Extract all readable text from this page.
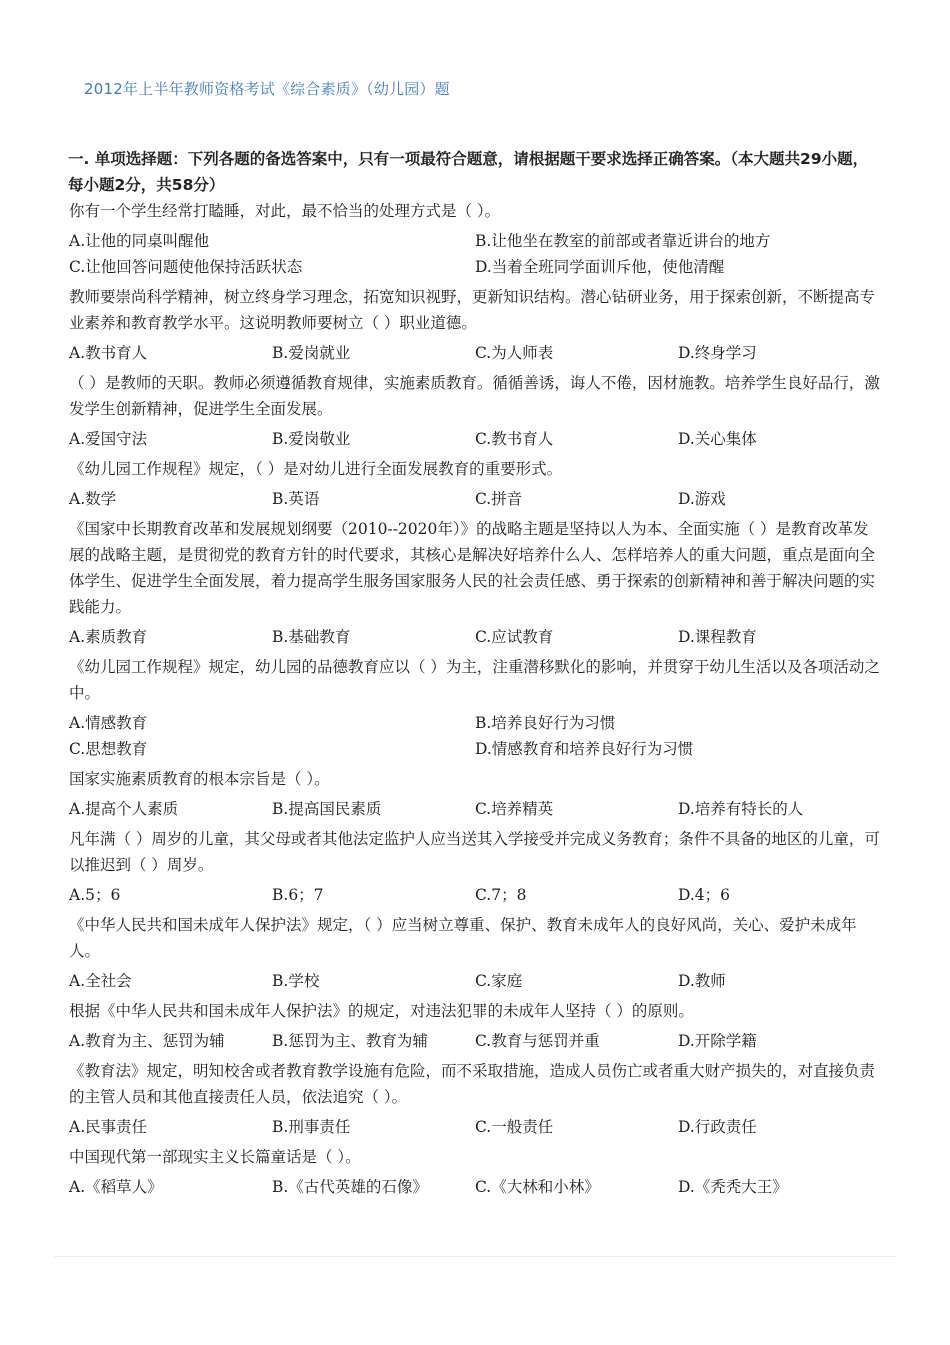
2012年上半年教师资格考试《综合素质》（幼儿园）题
一. 单项选择题：下列各题的备选答案中，只有一项最符合题意，请根据题干要求选择正确答案。（本大题共29小题，每小题2分，共58分）
你有一个学生经常打瞌睡，对此，最不恰当的处理方式是（ ）。
A.让他的同桌叫醒他	B.让他坐在教室的前部或者靠近讲台的地方
C.让他回答问题使他保持活跃状态	D.当着全班同学面训斥他，使他清醒
教师要崇尚科学精神，树立终身学习理念，拓宽知识视野，更新知识结构。潜心钻研业务，用于探索创新，不断提高专业素养和教育教学水平。这说明教师要树立（ ）职业道德。
A.教书育人	B.爱岗就业	C.为人师表	D.终身学习
（ ）是教师的天职。教师必须遵循教育规律，实施素质教育。循循善诱，诲人不倦，因材施教。培养学生良好品行，激发学生创新精神，促进学生全面发展。
A.爱国守法	B.爱岗敬业	C.教书育人	D.关心集体
《幼儿园工作规程》规定，（ ）是对幼儿进行全面发展教育的重要形式。
A.数学	B.英语	C.拼音	D.游戏
《国家中长期教育改革和发展规划纲要（2010--2020年）》的战略主题是坚持以人为本、全面实施（ ）是教育改革发展的战略主题，是贯彻党的教育方针的时代要求，其核心是解决好培养什么人、怎样培养人的重大问题，重点是面向全体学生、促进学生全面发展，着力提高学生服务国家服务人民的社会责任感、勇于探索的创新精神和善于解决问题的实践能力。
A.素质教育	B.基础教育	C.应试教育	D.课程教育
《幼儿园工作规程》规定，幼儿园的品德教育应以（ ）为主，注重潜移默化的影响，并贯穿于幼儿生活以及各项活动之中。
A.情感教育	B.培养良好行为习惯
C.思想教育	D.情感教育和培养良好行为习惯
国家实施素质教育的根本宗旨是（ ）。
A.提高个人素质	B.提高国民素质	C.培养精英	D.培养有特长的人
凡年满（ ）周岁的儿童，其父母或者其他法定监护人应当送其入学接受并完成义务教育；条件不具备的地区的儿童，可以推迟到（ ）周岁。
A.5；6	B.6；7	C.7；8	D.4；6
《中华人民共和国未成年人保护法》规定，（ ）应当树立尊重、保护、教育未成年人的良好风尚，关心、爱护未成年人。
A.全社会	B.学校	C.家庭	D.教师
根据《中华人民共和国未成年人保护法》的规定，对违法犯罪的未成年人坚持（ ）的原则。
A.教育为主、惩罚为辅	B.惩罚为主、教育为辅	C.教育与惩罚并重	D.开除学籍
《教育法》规定，明知校舍或者教育教学设施有危险，而不采取措施，造成人员伤亡或者重大财产损失的，对直接负责的主管人员和其他直接责任人员，依法追究（ ）。
A.民事责任	B.刑事责任	C.一般责任	D.行政责任
中国现代第一部现实主义长篇童话是（ ）。
A.《稻草人》	B.《古代英雄的石像》	C.《大林和小林》	D.《秃秃大王》
